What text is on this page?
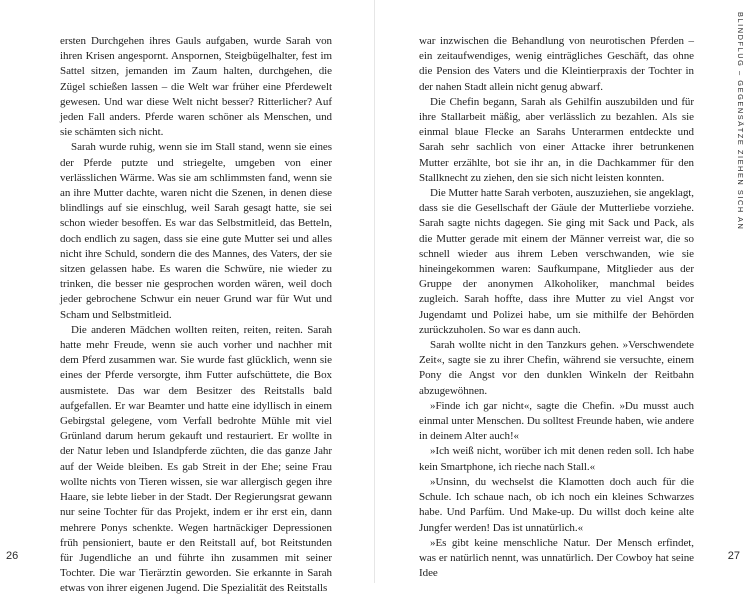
ersten Durchgehen ihres Gauls aufgaben, wurde Sarah von ihren Krisen angespornt. Anspornen, Steigbügelhalter, fest im Sattel sitzen, jemanden im Zaum halten, durchgehen, die Zügel schießen lassen – die Welt war früher eine Pferdewelt gewesen. Und war diese Welt nicht besser? Ritterlicher? Auf jeden Fall anders. Pferde waren schöner als Menschen, und sie schämten sich nicht.

Sarah wurde ruhig, wenn sie im Stall stand, wenn sie eines der Pferde putzte und striegelte, umgeben von einer verlässlichen Wärme. Was sie am schlimmsten fand, wenn sie an ihre Mutter dachte, waren nicht die Szenen, in denen diese blindlings auf sie einschlug, weil Sarah gesagt hatte, sie sei schon wieder besoffen. Es war das Selbstmitleid, das Betteln, doch endlich zu sagen, dass sie eine gute Mutter sei und alles nicht ihre Schuld, sondern die des Mannes, des Vaters, der sie sitzen gelassen habe. Es waren die Schwüre, nie wieder zu trinken, die besser nie gesprochen worden wären, weil doch jeder gebrochene Schwur ein neuer Grund war für Wut und Scham und Selbstmitleid.

Die anderen Mädchen wollten reiten, reiten, reiten. Sarah hatte mehr Freude, wenn sie auch vorher und nachher mit dem Pferd zusammen war. Sie wurde fast glücklich, wenn sie eines der Pferde versorgte, ihm Futter aufschüttete, die Box ausmistete. Das war dem Besitzer des Reitstalls bald aufgefallen. Er war Beamter und hatte eine idyllisch in einem Gebirgstal gelegene, vom Verfall bedrohte Mühle mit viel Grünland darum herum gekauft und restauriert. Er wollte in der Natur leben und Islandpferde züchten, die das ganze Jahr auf der Weide bleiben. Es gab Streit in der Ehe; seine Frau wollte nichts von Tieren wissen, sie war allergisch gegen ihre Haare, sie lebte lieber in der Stadt. Der Regierungsrat gewann nur seine Tochter für das Projekt, indem er ihr erst ein, dann mehrere Ponys schenkte. Wegen hartnäckiger Depressionen früh pensioniert, baute er den Reitstall auf, bot Reitstunden für Jugendliche an und führte ihn zusammen mit seiner Tochter. Die war Tierärztin geworden. Sie erkannte in Sarah etwas von ihrer eigenen Jugend. Die Spezialität des Reitstalls

26

war inzwischen die Behandlung von neurotischen Pferden – ein zeitaufwendiges, wenig einträgliches Geschäft, das ohne die Pension des Vaters und die Kleintierpraxis der Tochter in der nahen Stadt allein nicht genug abwarf.

Die Chefin begann, Sarah als Gehilfin auszubilden und für ihre Stallarbeit mäßig, aber verlässlich zu bezahlen. Als sie einmal blaue Flecke an Sarahs Unterarmen entdeckte und Sarah sehr sachlich von einer Attacke ihrer betrunkenen Mutter erzählte, bot sie ihr an, in die Dachkammer für den Stallknecht zu ziehen, den sie sich nicht leisten konnten.

Die Mutter hatte Sarah verboten, auszuziehen, sie angeklagt, dass sie die Gesellschaft der Gäule der Mutterliebe vorziehe. Sarah sagte nichts dagegen. Sie ging mit Sack und Pack, als die Mutter gerade mit einem der Männer verreist war, die so schnell wieder aus ihrem Leben verschwanden, wie sie hineingekommen waren: Saufkumpane, Mitglieder aus der Gruppe der anonymen Alkoholiker, manchmal beides zugleich. Sarah hoffte, dass ihre Mutter zu viel Angst vor Jugendamt und Polizei habe, um sie mithilfe der Behörden zurückzuholen. So war es dann auch.

Sarah wollte nicht in den Tanzkurs gehen. »Verschwendete Zeit«, sagte sie zu ihrer Chefin, während sie versuchte, einem Pony die Angst vor den dunklen Winkeln der Reitbahn abzugewöhnen.

»Finde ich gar nicht«, sagte die Chefin. »Du musst auch einmal unter Menschen. Du solltest Freunde haben, wie andere in deinem Alter auch!«

»Ich weiß nicht, worüber ich mit denen reden soll. Ich habe kein Smartphone, ich rieche nach Stall.«

»Unsinn, du wechselst die Klamotten doch auch für die Schule. Ich schaue nach, ob ich noch ein kleines Schwarzes habe. Und Parfüm. Und Make-up. Du willst doch keine alte Jungfer werden! Das ist unnatürlich.«

»Es gibt keine menschliche Natur. Der Mensch erfindet, was er natürlich nennt, was unnatürlich. Der Cowboy hat seine Idee

27
BLINDFLUG – GEGENSÄTZE ZIEHEN SICH AN
